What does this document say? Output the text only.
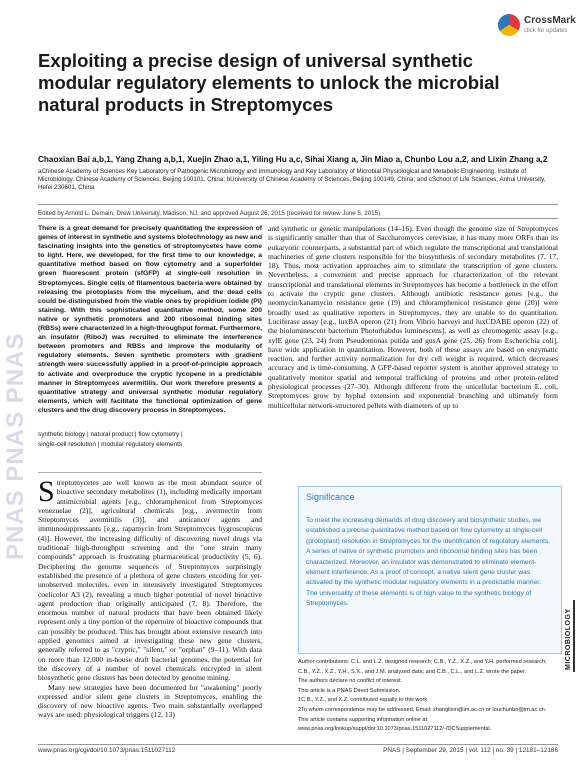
PNAS PNAS PNAS
CrossMark
click for updates
Exploiting a precise design of universal synthetic modular regulatory elements to unlock the microbial natural products in Streptomyces
Chaoxian Bai a,b,1, Yang Zhang a,b,1, Xuejin Zhao a,1, Yiling Hu a,c, Sihai Xiang a, Jin Miao a, Chunbo Lou a,2, and Lixin Zhang a,2
aChinese Academy of Sciences Key Laboratory of Pathogenic Microbiology and Immunology and Key Laboratory of Microbial Physiological and Metabolic Engineering, Institute of Microbiology, Chinese Academy of Sciences, Beijing 100101, China; bUniversity of Chinese Academy of Sciences, Beijing 100149, China; and cSchool of Life Sciences, Anhui University, Hefei 230601, China
Edited by Arnold L. Demain, Drew University, Madison, NJ, and approved August 26, 2015 (received for review June 5, 2015)
There is a great demand for precisely quantitating the expression of genes of interest in synthetic and systems biotechnology as new and fascinating insights into the genetics of streptomycetes have come to light. Here, we developed, for the first time to our knowledge, a quantitative method based on flow cytometry and a superfolder green fluorescent protein (sfGFP) at single-cell resolution in Streptomyces. Single cells of filamentous bacteria were obtained by releasing the protoplasts from the mycelium, and the dead cells could be distinguished from the viable ones by propidium iodide (PI) staining. With this sophisticated quantitative method, some 200 native or synthetic promoters and 200 ribosomal binding sites (RBSs) were characterized in a high-throughput format. Furthermore, an insulator (RiboJ) was recruited to eliminate the interference between promoters and RBSs and improve the modularity of regulatory elements. Seven synthetic promoters with gradient strength were successfully applied in a proof-of-principle approach to activate and overproduce the cryptic lycopene in a predictable manner in Streptomyces avermitilis. Our work therefore presents a quantitative strategy and universal synthetic modular regulatory elements, which will facilitate the functional optimization of gene clusters and the drug discovery process in Streptomyces.
synthetic biology | natural product | flow cytometry |
single-cell resolution | modular regulatory elements
Streptomycetes are well known as the most abundant source of bioactive secondary metabolites (1), including medically important antimicrobial agents [e.g., chloramphenicol from Streptomyces venezuelae (2)], agricultural chemicals [e.g., avermectin from Streptomyces avermitilis (3)], and anticancer agents and immunosuppressants [e.g., rapamycin from Streptomyces hygroscopicus (4)]. However, the increasing difficulty of discovering novel drugs via traditional high-throughput screening and the "one strain many compounds" approach is frustrating pharmaceutical productivity (5, 6). Deciphering the genome sequences of Streptomyces surprisingly established the presence of a plethora of gene clusters encoding for yet-unobserved molecules, even in intensively investigated Streptomyces coelicolor A3 (2), revealing a much higher potential of novel bioactive agent production than originally anticipated (7, 8). Therefore, the enormous number of natural products that have been obtained likely represent only a tiny portion of the repertoire of bioactive compounds that can possibly be produced. This has brought about extensive research into applied genomics aimed at investigating these new gene clusters, generally referred to as "cryptic," "silent," or "orphan" (9–11). With data on more than 12,000 in-house draft bacterial genomes, the potential for the discovery of a number of novel chemicals encrypted in silent biosynthetic gene clusters has been detected by genome mining.
Many new strategies have been documented for "awakening" poorly expressed and/or silent gene clusters in Streptomyces, enabling the discovery of new bioactive agents. Two main substantially overlapped ways are used: physiological triggers (12, 13)
and synthetic or genetic manipulations (14–16). Even though the genome size of Streptomyces is significantly smaller than that of Saccharomyces cerevisiae, it has many more ORFs than its eukaryotic counterparts, a substantial part of which regulate the transcriptional and translational machineries of gene clusters responsible for the biosynthesis of secondary metabolites (7, 17, 18). Thus, most activation approaches aim to stimulate the transcription of gene clusters. Nevertheless, a convenient and precise approach for characterization of the relevant transcriptional and translational elements in Streptomyces has become a bottleneck in the effort to activate the cryptic gene clusters. Although antibiotic resistance genes [e.g., the neomycin/kanamycin resistance gene (19) and chloramphenicol resistance gene (20)] were broadly used as qualitative reporters in Streptomyces, they are unable to do quantitation. Luciferase assay [e.g., luxBA operon (21) from Vibrio harveyi and luxCDABE operon (22) of the bioluminescent bacterium Photorhabdus luminescens], as well as chromogenic assay [e.g., xylE gene (23, 24) from Pseudomonas putida and gusA gene (25, 26) from Escherichia coli], have wide application in quantitation. However, both of these assays are based on enzymatic reaction, and further activity normalization for dry cell weight is required, which decreases accuracy and is time-consuming. A GFP-based reporter system is another approved strategy to qualitatively monitor spatial and temporal trafficking of proteins and other protein-related physiological processes (27–30). Although different from the unicellular bacterium E. coli, Streptomyces grow by hyphal extension and exponential branching and ultimately form multicellular network-structured pellets with diameters of up to
Significance
To meet the increasing demands of drug discovery and biosynthetic studies, we established a precise quantitative method based on flow cytometry at single-cell (protoplast) resolution in Streptomyces for the identification of regulatory elements. A series of native or synthetic promoters and ribosomal binding sites has been characterized. Moreover, an insulator was demonstrated to eliminate element-element interference. As a proof of concept, a native silent gene cluster was activated by the synthetic modular regulatory elements in a predictable manner. The universality of these elements is of high value to the synthetic biology of Streptomyces.
Author contributions: C.L. and L.Z. designed research; C.B., Y.Z., X.Z., and Y.H. performed research; C.B., Y.Z., X.Z., Y.H., S.X., and J.M. analyzed data; and C.B., C.L., and L.Z. wrote the paper.
The authors declare no conflict of interest.
This article is a PNAS Direct Submission.
1C.B., Y.Z., and X.Z. contributed equally to this work.
2To whom correspondence may be addressed. Email: zhanglixin@im.ac.cn or louchunbo@im.ac.cn.
This article contains supporting information online at www.pnas.org/lookup/suppl/doi:10.1073/pnas.1511027112/-/DCSupplemental.
MICROBIOLOGY
www.pnas.org/cgi/doi/10.1073/pnas.1511027112	PNAS | September 29, 2015 | vol. 112 | no. 39 | 12181–12186
